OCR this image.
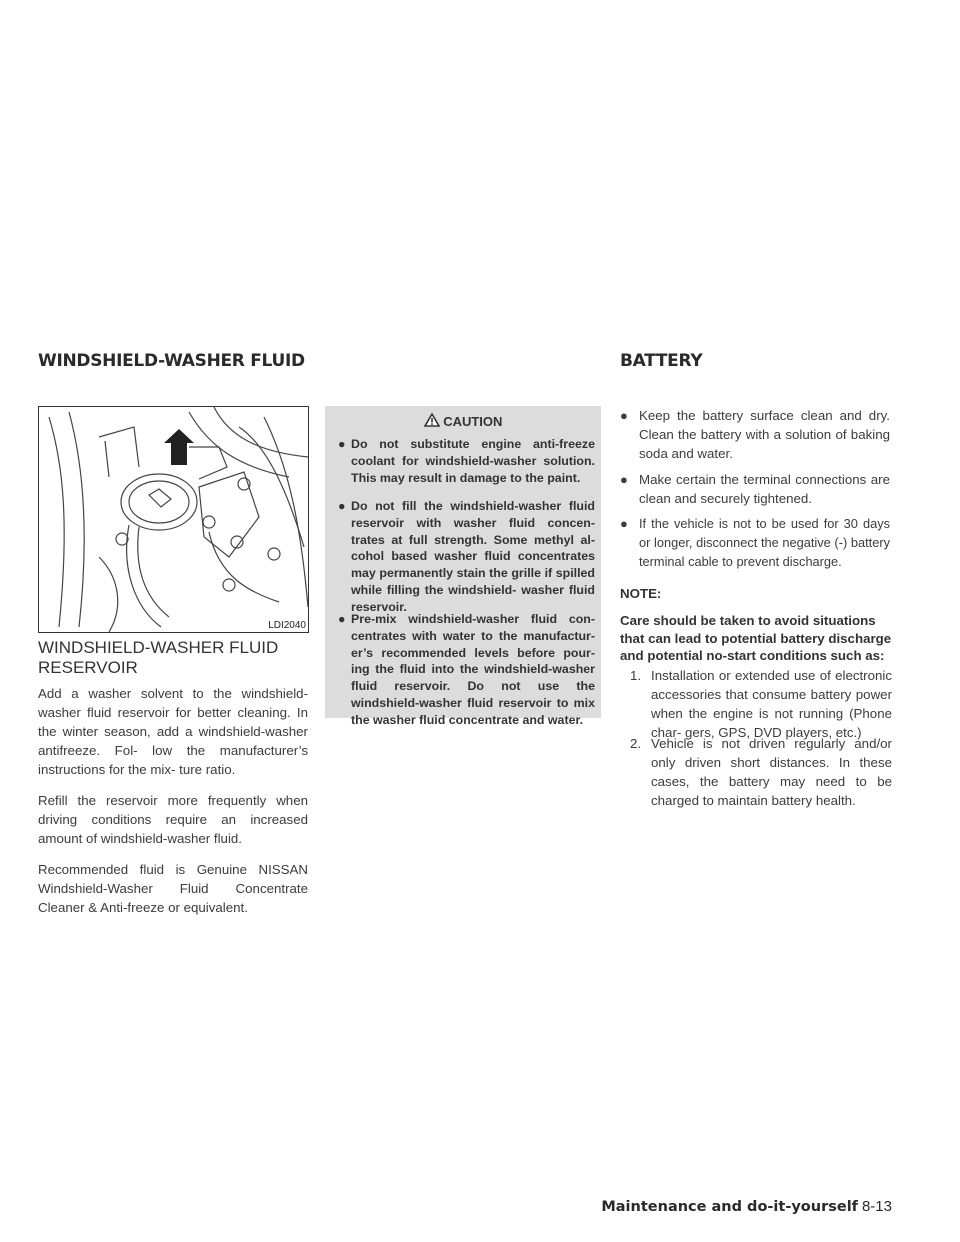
WINDSHIELD-WASHER FLUID	BATTERY
LDI2040
WINDSHIELD-WASHER FLUID RESERVOIR

Add a washer solvent to the windshield-washer fluid reservoir for better cleaning. In the winter season, add a windshield-washer antifreeze. Fol- low the manufacturer’s instructions for the mix- ture ratio.

Refill the reservoir more frequently when driving conditions require an increased amount of windshield-washer fluid.

Recommended fluid is Genuine NISSAN Windshield-Washer Fluid Concentrate Cleaner & Anti-freeze or equivalent.

CAUTION
● Do not substitute engine anti-freeze coolant for windshield-washer solution. This may result in damage to the paint.
● Do not fill the windshield-washer fluid reservoir with washer fluid concen- trates at full strength. Some methyl al- cohol based washer fluid concentrates may permanently stain the grille if spilled while filling the windshield- washer fluid reservoir.
● Pre-mix windshield-washer fluid con- centrates with water to the manufactur- er’s recommended levels before pour- ing the fluid into the windshield-washer fluid reservoir. Do not use the windshield-washer fluid reservoir to mix the washer fluid concentrate and water.
● Keep the battery surface clean and dry. Clean the battery with a solution of baking soda and water.
● Make certain the terminal connections are clean and securely tightened.
● If the vehicle is not to be used for 30 days or longer, disconnect the negative (-) battery terminal cable to prevent discharge.
NOTE:
Care should be taken to avoid situations that can lead to potential battery discharge and potential no-start conditions such as:
1. Installation or extended use of electronic accessories that consume battery power when the engine is not running (Phone char- gers, GPS, DVD players, etc.)
2. Vehicle is not driven regularly and/or only driven short distances. In these cases, the battery may need to be charged to maintain battery health.
Maintenance and do-it-yourself 8-13
